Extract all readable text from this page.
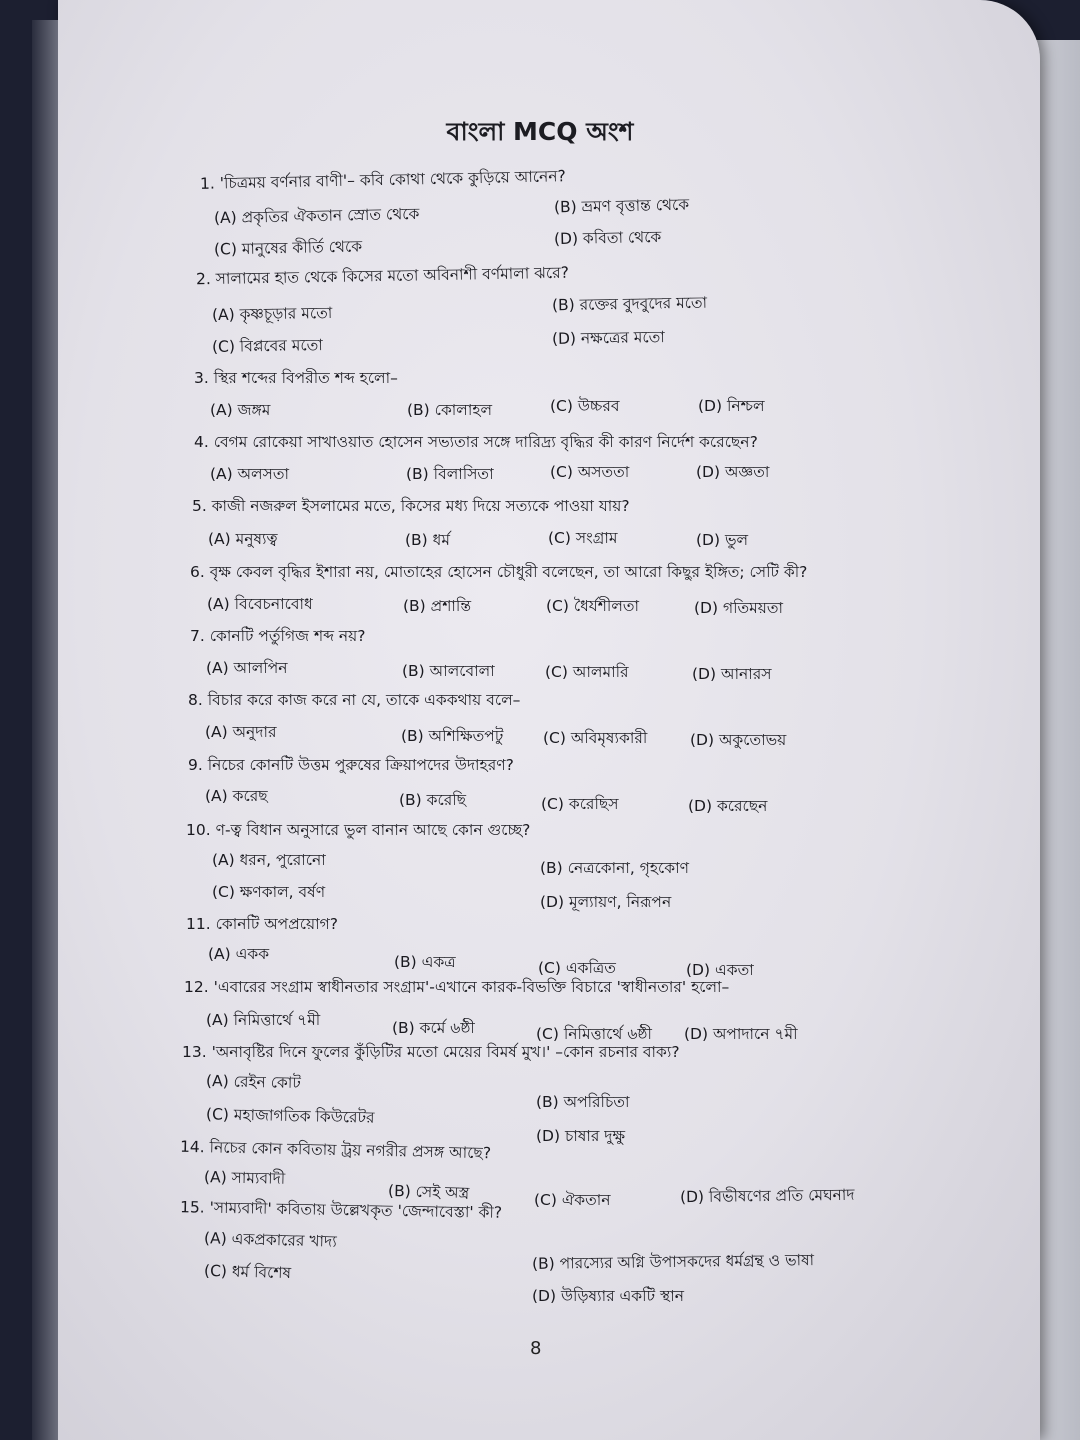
বাংলা MCQ অংশ
1. 'চিত্রময় বর্ণনার বাণী'– কবি কোথা থেকে কুড়িয়ে আনেন?
(A) প্রকৃতির ঐকতান স্রোত থেকে	(B) ভ্রমণ বৃত্তান্ত থেকে
(C) মানুষের কীর্তি থেকে	(D) কবিতা থেকে
2. সালামের হাত থেকে কিসের মতো অবিনাশী বর্ণমালা ঝরে?
(A) কৃষ্ণচূড়ার মতো	(B) রক্তের বুদবুদের মতো
(C) বিপ্লবের মতো	(D) নক্ষত্রের মতো
3. স্থির শব্দের বিপরীত শব্দ হলো–
(A) জঙ্গম	(B) কোলাহল	(C) উচ্চরব	(D) নিশ্চল
4. বেগম রোকেয়া সাখাওয়াত হোসেন সভ্যতার সঙ্গে দারিদ্র্য বৃদ্ধির কী কারণ নির্দেশ করেছেন?
(A) অলসতা	(B) বিলাসিতা	(C) অসততা	(D) অজ্ঞতা
5. কাজী নজরুল ইসলামের মতে, কিসের মধ্য দিয়ে সত্যকে পাওয়া যায়?
(A) মনুষ্যত্ব	(B) ধর্ম	(C) সংগ্রাম	(D) ভুল
6. বৃক্ষ কেবল বৃদ্ধির ইশারা নয়, মোতাহের হোসেন চৌধুরী বলেছেন, তা আরো কিছুর ইঙ্গিত; সেটি কী?
(A) বিবেচনাবোধ	(B) প্রশান্তি	(C) ধৈর্যশীলতা	(D) গতিময়তা
7. কোনটি পর্তুগিজ শব্দ নয়?
(A) আলপিন	(B) আলবোলা	(C) আলমারি	(D) আনারস
8. বিচার করে কাজ করে না যে, তাকে এককথায় বলে–
(A) অনুদার	(B) অশিক্ষিতপটু	(C) অবিমৃষ্যকারী	(D) অকুতোভয়
9. নিচের কোনটি উত্তম পুরুষের ক্রিয়াপদের উদাহরণ?
(A) করেছ	(B) করেছি	(C) করেছিস	(D) করেছেন
10. ণ-ত্ব বিধান অনুসারে ভুল বানান আছে কোন গুচ্ছে?
(A) ধরন, পুরোনো	(B) নেত্রকোনা, গৃহকোণ
(C) ক্ষণকাল, বর্ষণ
(D) মূল্যায়ণ, নিরূপন
11. কোনটি অপপ্রয়োগ?
(A) একক	(B) একত্র	(C) একত্রিত	(D) একতা
12. 'এবারের সংগ্রাম স্বাধীনতার সংগ্রাম'-এখানে কারক-বিভক্তি বিচারে 'স্বাধীনতার' হলো–
(A) নিমিত্তার্থে ৭মী	(B) কর্মে ৬ষ্ঠী	(C) নিমিত্তার্থে ৬ষ্ঠী (D) অপাদানে ৭মী
13. 'অনাবৃষ্টির দিনে ফুলের কুঁড়িটির মতো মেয়ের বিমর্ষ মুখ।' –কোন রচনার বাক্য?
(A) রেইন কোট
(B) অপরিচিতা
(C) মহাজাগতিক কিউরেটর
(D) চাষার দুক্ষু
14. নিচের কোন কবিতায় ট্রয় নগরীর প্রসঙ্গ আছে?
(A) সাম্যবাদী
(B) সেই অস্ত্র	(C) ঐকতান	(D) বিভীষণের প্রতি মেঘনাদ
15. 'সাম্যবাদী' কবিতায় উল্লেখকৃত 'জেন্দাবেস্তা' কী?
(A) একপ্রকারের খাদ্য
(B) পারস্যের অগ্নি উপাসকদের ধর্মগ্রন্থ ও ভাষা
(C) ধর্ম বিশেষ
(D) উড়িষ্যার একটি স্থান
8
